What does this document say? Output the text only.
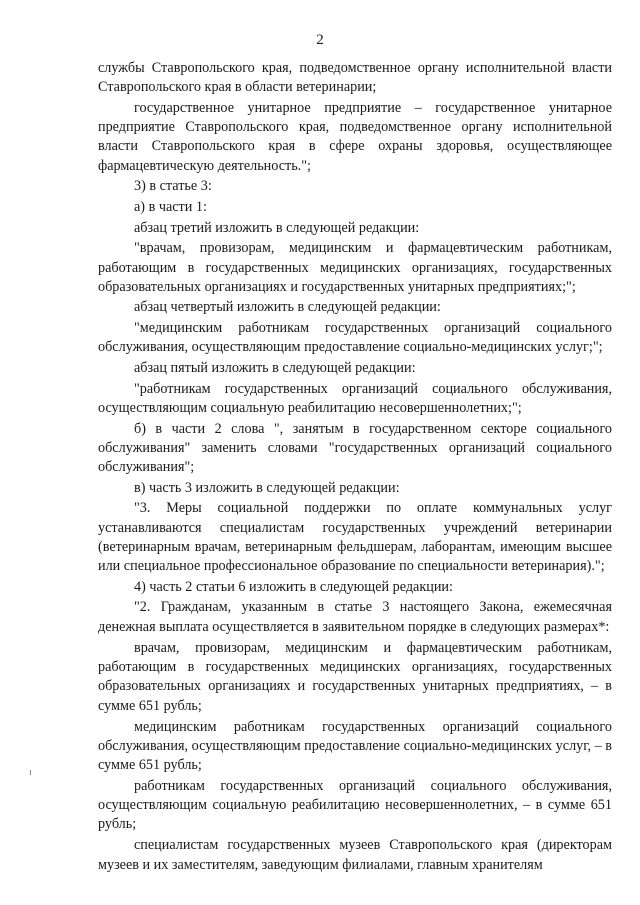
2

службы Ставропольского края, подведомственное органу исполнительной власти Ставропольского края в области ветеринарии;

государственное унитарное предприятие – государственное унитарное предприятие Ставропольского края, подведомственное органу исполнительной власти Ставропольского края в сфере охраны здоровья, осуществляющее фармацевтическую деятельность.";

3) в статье 3:

а) в части 1:

абзац третий изложить в следующей редакции:

"врачам, провизорам, медицинским и фармацевтическим работникам, работающим в государственных медицинских организациях, государственных образовательных организациях и государственных унитарных предприятиях;";

абзац четвертый изложить в следующей редакции:

"медицинским работникам государственных организаций социального обслуживания, осуществляющим предоставление социально-медицинских услуг;";

абзац пятый изложить в следующей редакции:

"работникам государственных организаций социального обслуживания, осуществляющим социальную реабилитацию несовершеннолетних;";

б) в части 2 слова ", занятым в государственном секторе социального обслуживания" заменить словами "государственных организаций социального обслуживания";

в) часть 3 изложить в следующей редакции:

"3. Меры социальной поддержки по оплате коммунальных услуг устанавливаются специалистам государственных учреждений ветеринарии (ветеринарным врачам, ветеринарным фельдшерам, лаборантам, имеющим высшее или специальное профессиональное образование по специальности ветеринария).";

4) часть 2 статьи 6 изложить в следующей редакции:

"2. Гражданам, указанным в статье 3 настоящего Закона, ежемесячная денежная выплата осуществляется в заявительном порядке в следующих размерах*:

врачам, провизорам, медицинским и фармацевтическим работникам, работающим в государственных медицинских организациях, государственных образовательных организациях и государственных унитарных предприятиях, – в сумме 651 рубль;

медицинским работникам государственных организаций социального обслуживания, осуществляющим предоставление социально-медицинских услуг, – в сумме 651 рубль;

работникам государственных организаций социального обслуживания, осуществляющим социальную реабилитацию несовершеннолетних, – в сумме 651 рубль;

специалистам государственных музеев Ставропольского края (директорам музеев и их заместителям, заведующим филиалами, главным хранителям
